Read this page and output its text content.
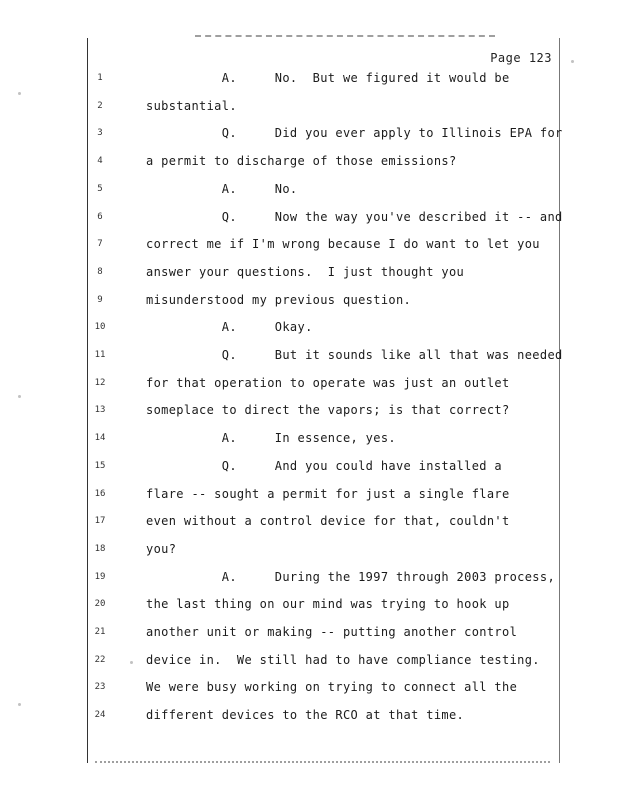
Page 123
1	A.     No.  But we figured it would be
2	substantial.
3	Q.     Did you ever apply to Illinois EPA for
4	a permit to discharge of those emissions?
5	A.     No.
6	Q.     Now the way you've described it -- and
7	correct me if I'm wrong because I do want to let you
8	answer your questions.  I just thought you
9	misunderstood my previous question.
10	A.     Okay.
11	Q.     But it sounds like all that was needed
12	for that operation to operate was just an outlet
13	someplace to direct the vapors; is that correct?
14	A.     In essence, yes.
15	Q.     And you could have installed a
16	flare -- sought a permit for just a single flare
17	even without a control device for that, couldn't
18	you?
19	A.     During the 1997 through 2003 process,
20	the last thing on our mind was trying to hook up
21	another unit or making -- putting another control
22	device in.  We still had to have compliance testing.
23	We were busy working on trying to connect all the
24	different devices to the RCO at that time.
